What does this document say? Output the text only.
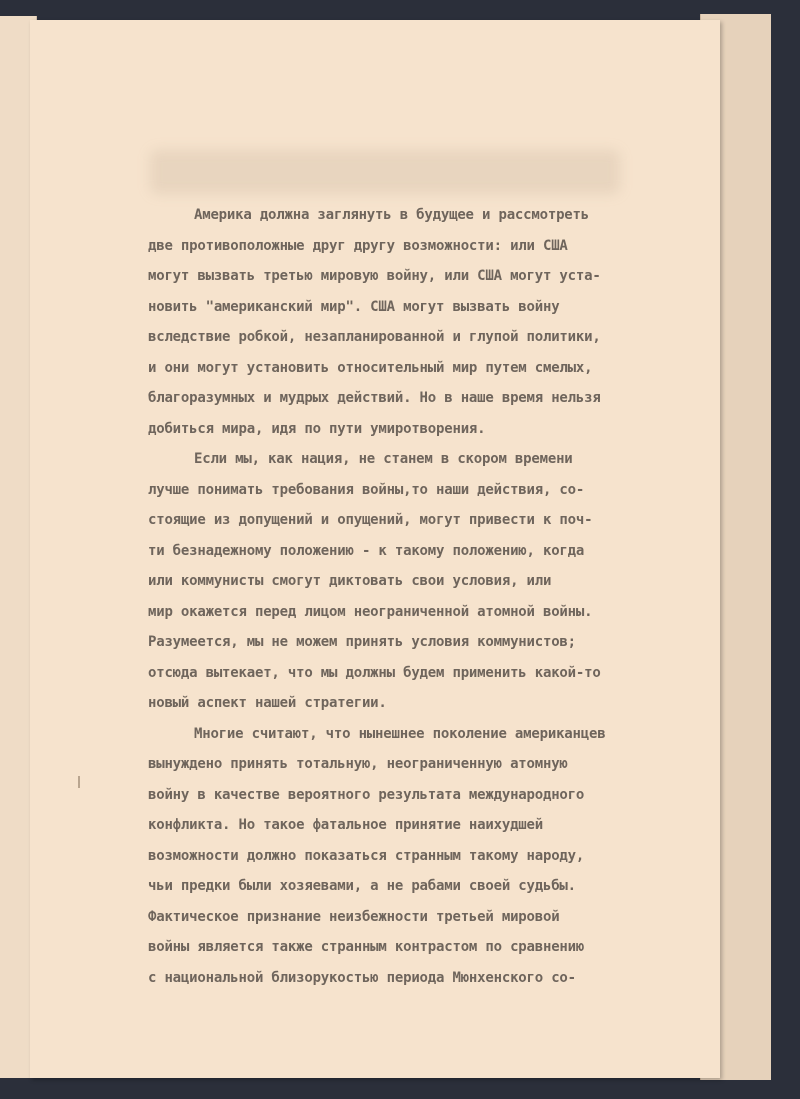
Америка должна заглянуть в будущее и рассмотреть
две противоположные друг другу возможности: или США
могут вызвать третью мировую войну, или США могут уста-
новить "американский мир". США могут вызвать войну
вследствие робкой, незапланированной и глупой политики,
и они могут установить относительный мир путем смелых,
благоразумных и мудрых действий. Но в наше время нельзя
добиться мира, идя по пути умиротворения.
Если мы, как нация, не станем в скором времени
лучше понимать требования войны,то наши действия, со-
стоящие из допущений и опущений, могут привести к поч-
ти безнадежному положению - к такому положению, когда
или коммунисты смогут диктовать свои условия, или
мир окажется перед лицом неограниченной атомной войны.
Разумеется, мы не можем принять условия коммунистов;
отсюда вытекает, что мы должны будем применить какой-то
новый аспект нашей стратегии.
Многие считают, что нынешнее поколение американцев
вынуждено принять тотальную, неограниченную атомную
войну в качестве вероятного результата международного
конфликта. Но такое фатальное принятие наихудшей
возможности должно показаться странным такому народу,
чьи предки были хозяевами, а не рабами своей судьбы.
Фактическое признание неизбежности третьей мировой
войны является также странным контрастом по сравнению
с национальной близорукостью периода Мюнхенского со-
